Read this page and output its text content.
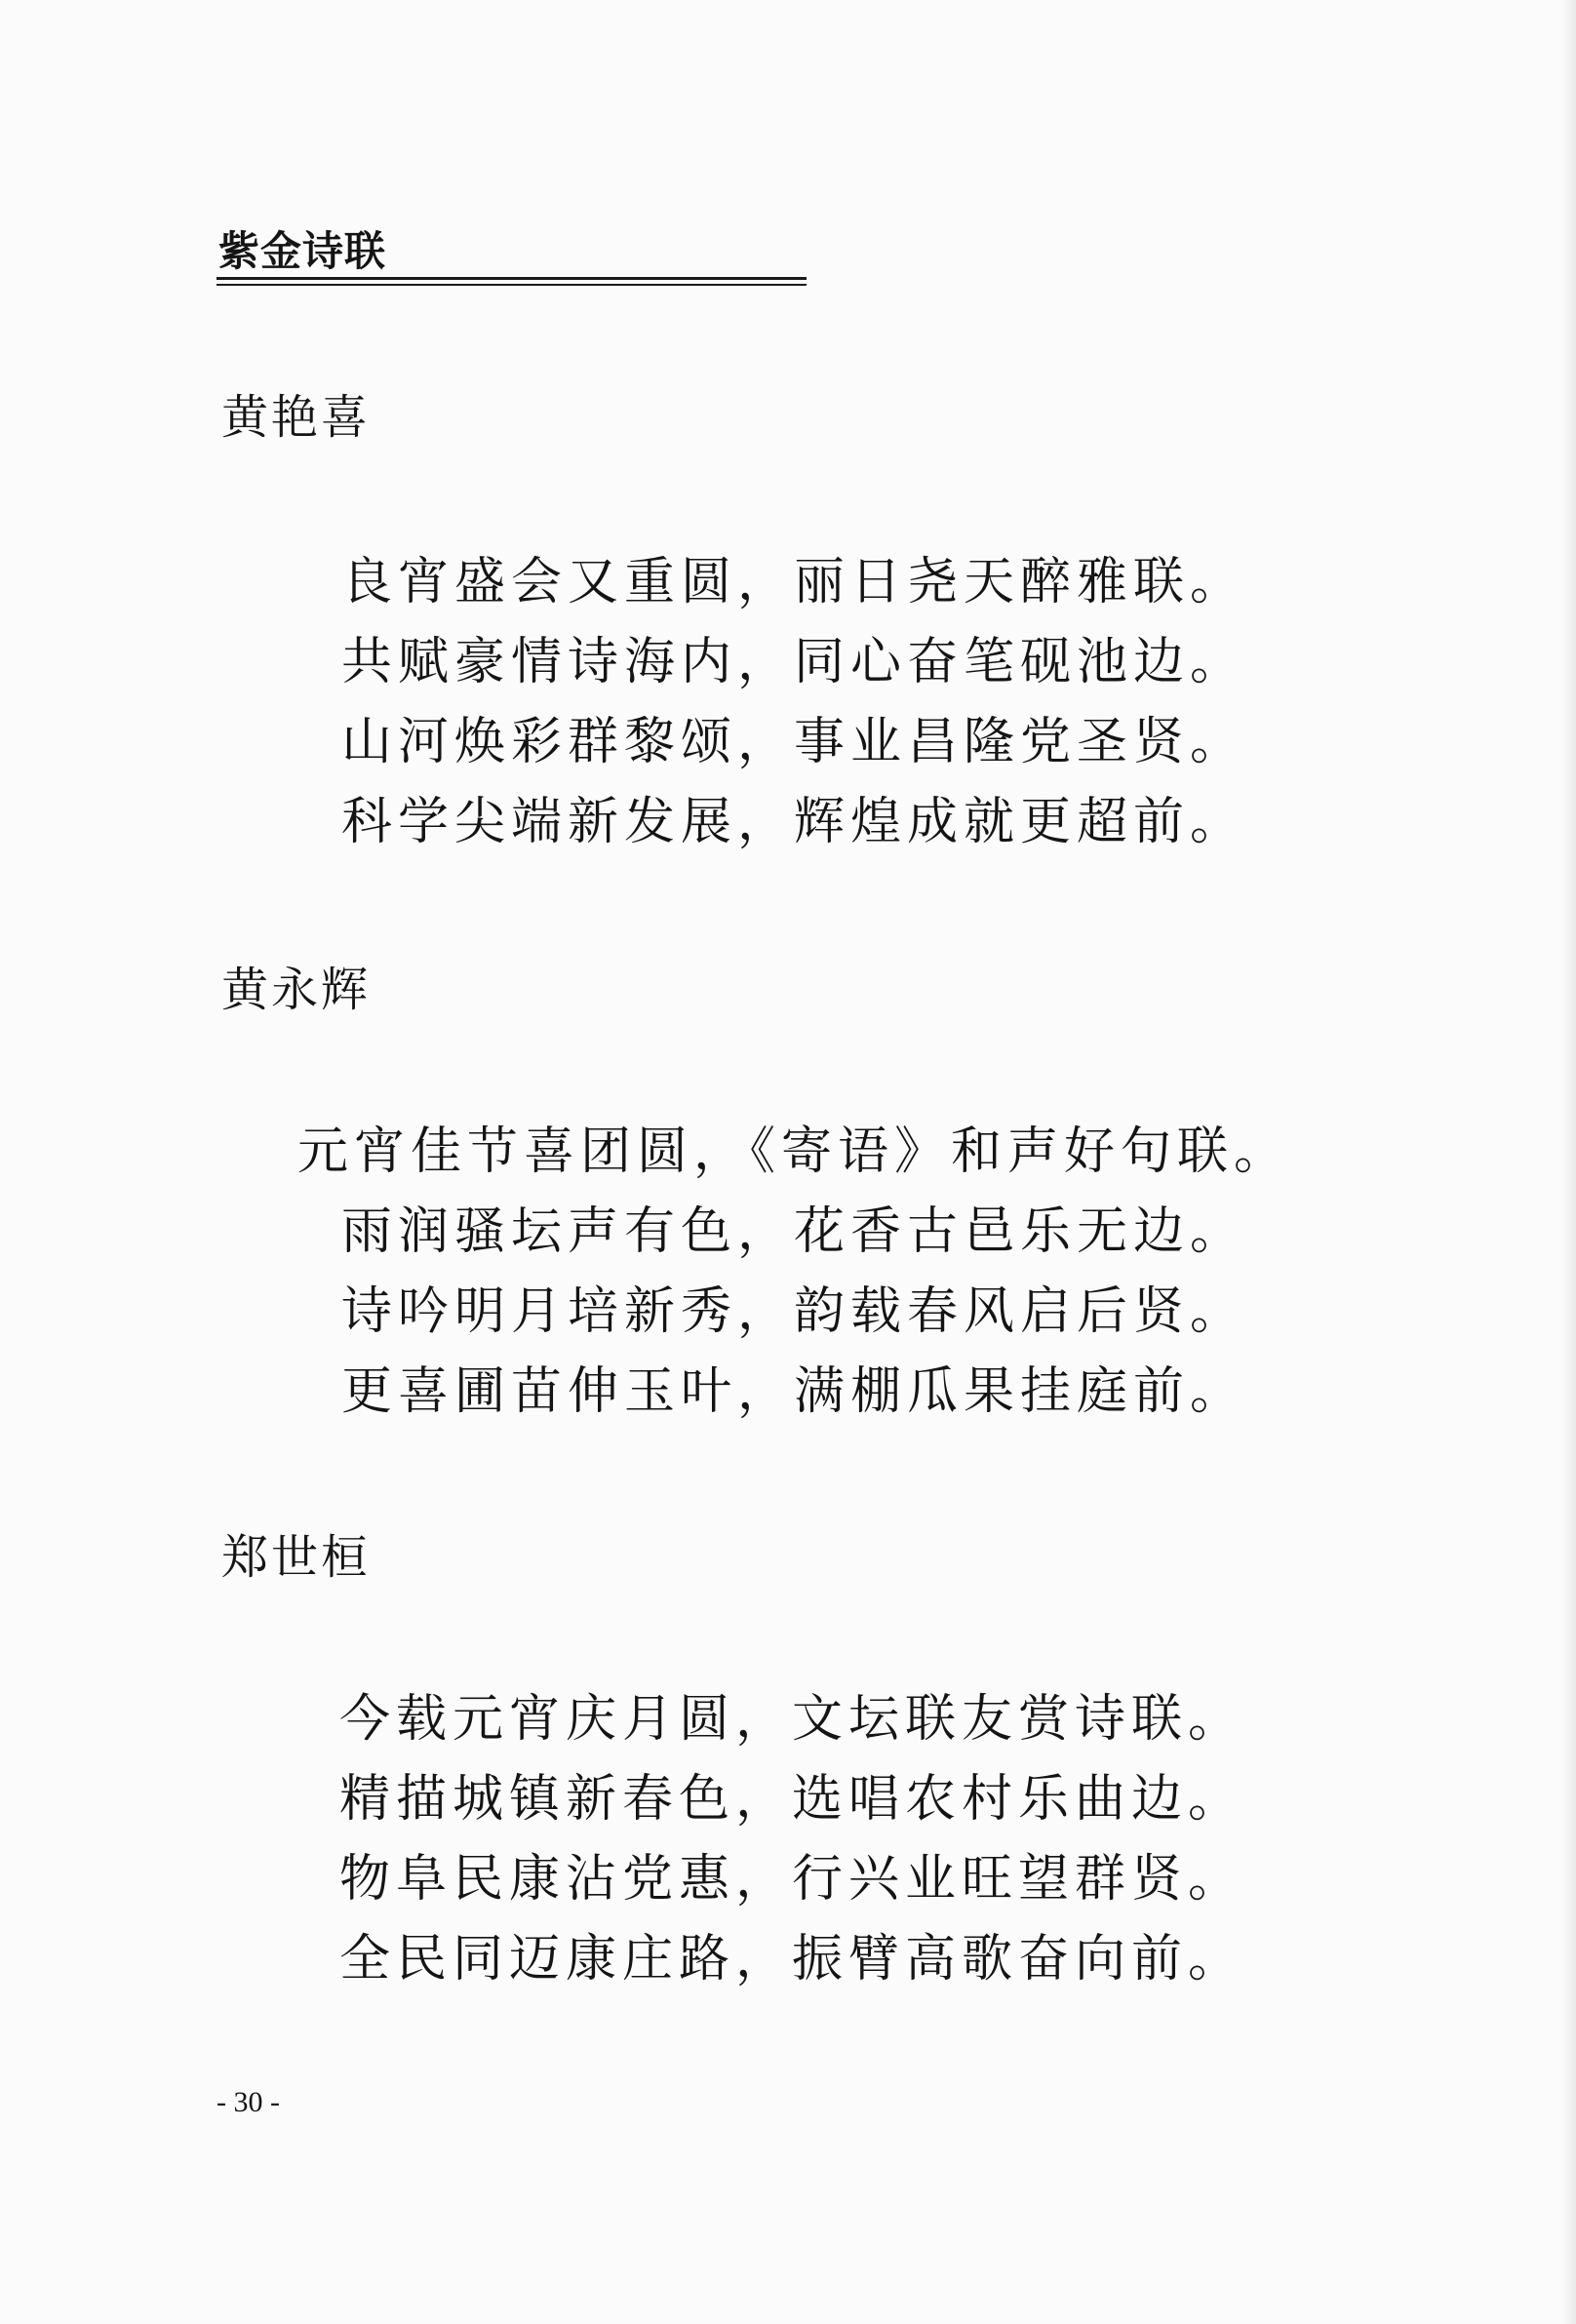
紫金诗联
黄艳喜
良宵盛会又重圆，丽日尧天醉雅联。
共赋豪情诗海内，同心奋笔砚池边。
山河焕彩群黎颂，事业昌隆党圣贤。
科学尖端新发展，辉煌成就更超前。
黄永辉
元宵佳节喜团圆，《寄语》和声好句联。
雨润骚坛声有色，花香古邑乐无边。
诗吟明月培新秀，韵载春风启后贤。
更喜圃苗伸玉叶，满棚瓜果挂庭前。
郑世桓
今载元宵庆月圆，文坛联友赏诗联。
精描城镇新春色，选唱农村乐曲边。
物阜民康沾党惠，行兴业旺望群贤。
全民同迈康庄路，振臂高歌奋向前。
- 30 -
